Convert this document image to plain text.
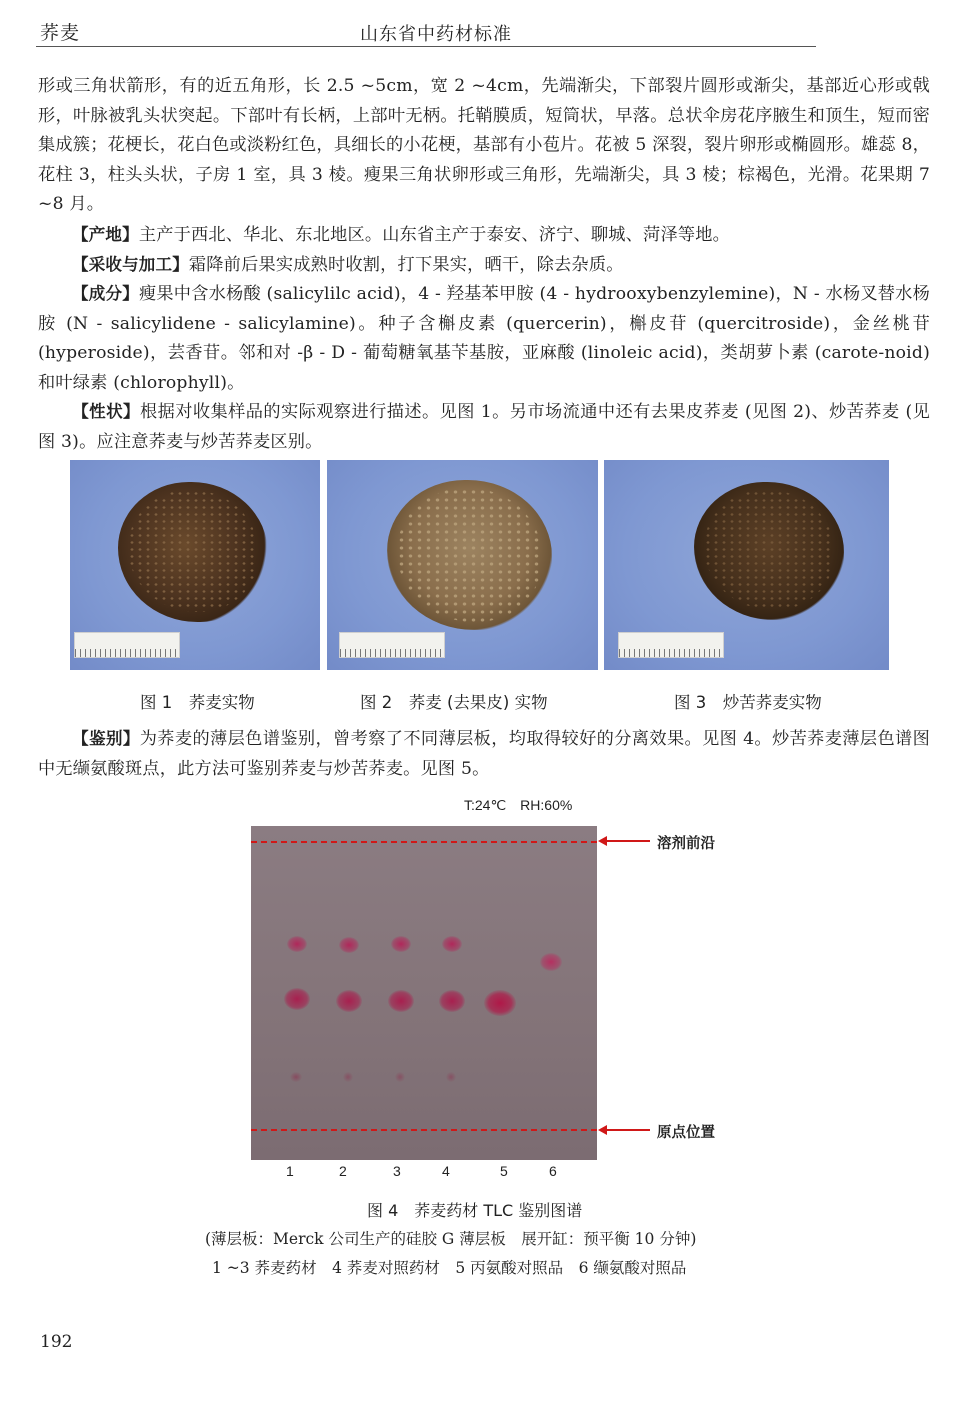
荞麦	山东省中药材标准
形或三角状箭形，有的近五角形，长 2.5 ~5cm，宽 2 ~4cm，先端渐尖，下部裂片圆形或渐尖，基部近心形或戟形，叶脉被乳头状突起。下部叶有长柄，上部叶无柄。托鞘膜质，短筒状，早落。总状伞房花序腋生和顶生，短而密集成簇；花梗长，花白色或淡粉红色，具细长的小花梗，基部有小苞片。花被 5 深裂，裂片卵形或椭圆形。雄蕊 8，花柱 3，柱头头状，子房 1 室，具 3 棱。瘦果三角状卵形或三角形，先端渐尖，具 3 棱；棕褐色，光滑。花果期 7 ~8 月。
【产地】主产于西北、华北、东北地区。山东省主产于泰安、济宁、聊城、菏泽等地。
【采收与加工】霜降前后果实成熟时收割，打下果实，晒干，除去杂质。
【成分】瘦果中含水杨酸 (salicylilc acid)，4 - 羟基苯甲胺 (4 - hydrooxybenzylemine)，N - 水杨叉替水杨胺 (N - salicylidene - salicylamine)。种子含槲皮素 (quercerin)，槲皮苷 (quercitroside)，金丝桃苷 (hyperoside)，芸香苷。邻和对 -β - D - 葡萄糖氧基苄基胺，亚麻酸 (linoleic acid)，类胡萝卜素 (carote-noid) 和叶绿素 (chlorophyll)。
【性状】根据对收集样品的实际观察进行描述。见图 1。另市场流通中还有去果皮荞麦 (见图 2)、炒苦荞麦 (见图 3)。应注意荞麦与炒苦荞麦区别。
图 1　荞麦实物	图 2　荞麦 (去果皮) 实物	图 3　炒苦荞麦实物
【鉴别】为荞麦的薄层色谱鉴别，曾考察了不同薄层板，均取得较好的分离效果。见图 4。炒苦荞麦薄层色谱图中无缬氨酸斑点，此方法可鉴别荞麦与炒苦荞麦。见图 5。
T:24℃　RH:60%
溶剂前沿
原点位置
1	2	3	4	5	6
图 4　荞麦药材 TLC 鉴别图谱
(薄层板：Merck 公司生产的硅胶 G 薄层板　展开缸：预平衡 10 分钟)
1 ~3 荞麦药材　4 荞麦对照药材　5 丙氨酸对照品　6 缬氨酸对照品
192
